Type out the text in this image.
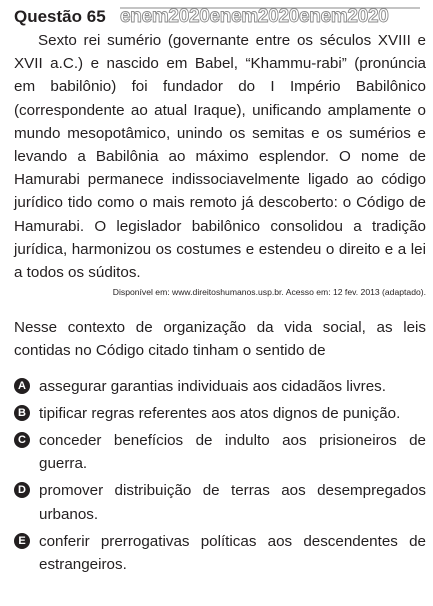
Questão 65 enem2020enem2020enem2020

Sexto rei sumério (governante entre os séculos XVIII e XVII a.C.) e nascido em Babel, “Khammu-rabi” (pronúncia em babilônio) foi fundador do I Império Babilônico (correspondente ao atual Iraque), unificando amplamente o mundo mesopotâmico, unindo os semitas e os sumérios e levando a Babilônia ao máximo esplendor. O nome de Hamurabi permanece indissociavelmente ligado ao código jurídico tido como o mais remoto já descoberto: o Código de Hamurabi. O legislador babilônico consolidou a tradição jurídica, harmonizou os costumes e estendeu o direito e a lei a todos os súditos.

Disponível em: www.direitoshumanos.usp.br. Acesso em: 12 fev. 2013 (adaptado).

Nesse contexto de organização da vida social, as leis contidas no Código citado tinham o sentido de

A assegurar garantias individuais aos cidadãos livres.
B tipificar regras referentes aos atos dignos de punição.
C conceder benefícios de indulto aos prisioneiros de guerra.
D promover distribuição de terras aos desempregados urbanos.
E conferir prerrogativas políticas aos descendentes de estrangeiros.
